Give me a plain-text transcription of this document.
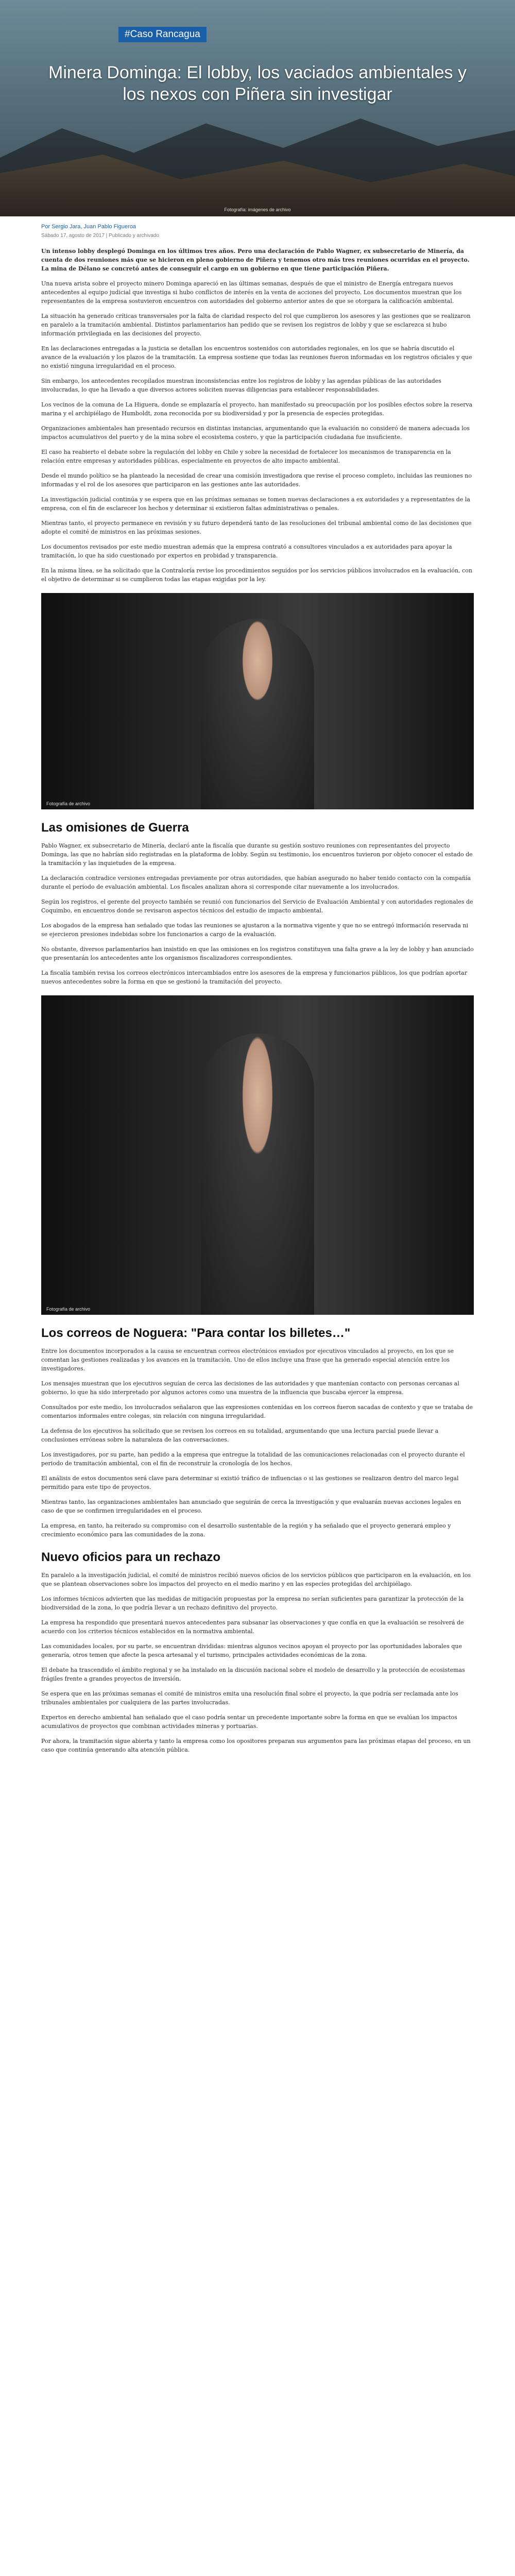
#Caso Rancagua
Minera Dominga: El lobby, los vaciados ambientales y los nexos con Piñera sin investigar
Fotografía: imágenes de archivo
Por Sergio Jara, Juan Pablo Figueroa
Sábado 17, agosto de 2017 | Publicado y archivado

Un intenso lobby desplegó Dominga en los últimos tres años. Pero una declaración de Pablo Wagner, ex subsecretario de Minería, da cuenta de dos reuniones más que se hicieron en pleno gobierno de Piñera y tenemos otro más tres reuniones ocurridas en el proyecto. La mina de Délano se concretó antes de conseguir el cargo en un gobierno en que tiene participación Piñera.

Una nueva arista sobre el proyecto minero Dominga apareció en las últimas semanas, después de que el ministro de Energía entregara nuevos antecedentes al equipo judicial que investiga si hubo conflictos de interés en la venta de acciones del proyecto. Los documentos muestran que los representantes de la empresa sostuvieron encuentros con autoridades del gobierno anterior antes de que se otorgara la calificación ambiental.

La situación ha generado críticas transversales por la falta de claridad respecto del rol que cumplieron los asesores y las gestiones que se realizaron en paralelo a la tramitación ambiental. Distintos parlamentarios han pedido que se revisen los registros de lobby y que se esclarezca si hubo información privilegiada en las decisiones del proyecto.

En las declaraciones entregadas a la justicia se detallan los encuentros sostenidos con autoridades regionales, en los que se habría discutido el avance de la evaluación y los plazos de la tramitación. La empresa sostiene que todas las reuniones fueron informadas en los registros oficiales y que no existió ninguna irregularidad en el proceso.

Sin embargo, los antecedentes recopilados muestran inconsistencias entre los registros de lobby y las agendas públicas de las autoridades involucradas, lo que ha llevado a que diversos actores soliciten nuevas diligencias para establecer responsabilidades.

Los vecinos de la comuna de La Higuera, donde se emplazaría el proyecto, han manifestado su preocupación por los posibles efectos sobre la reserva marina y el archipiélago de Humboldt, zona reconocida por su biodiversidad y por la presencia de especies protegidas.

Organizaciones ambientales han presentado recursos en distintas instancias, argumentando que la evaluación no consideró de manera adecuada los impactos acumulativos del puerto y de la mina sobre el ecosistema costero, y que la participación ciudadana fue insuficiente.

El caso ha reabierto el debate sobre la regulación del lobby en Chile y sobre la necesidad de fortalecer los mecanismos de transparencia en la relación entre empresas y autoridades públicas, especialmente en proyectos de alto impacto ambiental.

Desde el mundo político se ha planteado la necesidad de crear una comisión investigadora que revise el proceso completo, incluidas las reuniones no informadas y el rol de los asesores que participaron en las gestiones ante las autoridades.

La investigación judicial continúa y se espera que en las próximas semanas se tomen nuevas declaraciones a ex autoridades y a representantes de la empresa, con el fin de esclarecer los hechos y determinar si existieron faltas administrativas o penales.

Mientras tanto, el proyecto permanece en revisión y su futuro dependerá tanto de las resoluciones del tribunal ambiental como de las decisiones que adopte el comité de ministros en las próximas sesiones.

Los documentos revisados por este medio muestran además que la empresa contrató a consultores vinculados a ex autoridades para apoyar la tramitación, lo que ha sido cuestionado por expertos en probidad y transparencia.

En la misma línea, se ha solicitado que la Contraloría revise los procedimientos seguidos por los servicios públicos involucrados en la evaluación, con el objetivo de determinar si se cumplieron todas las etapas exigidas por la ley.

Fotografía de archivo
Las omisiones de Guerra

Pablo Wagner, ex subsecretario de Minería, declaró ante la fiscalía que durante su gestión sostuvo reuniones con representantes del proyecto Dominga, las que no habrían sido registradas en la plataforma de lobby. Según su testimonio, los encuentros tuvieron por objeto conocer el estado de la tramitación y las inquietudes de la empresa.

La declaración contradice versiones entregadas previamente por otras autoridades, que habían asegurado no haber tenido contacto con la compañía durante el periodo de evaluación ambiental. Los fiscales analizan ahora si corresponde citar nuevamente a los involucrados.

Según los registros, el gerente del proyecto también se reunió con funcionarios del Servicio de Evaluación Ambiental y con autoridades regionales de Coquimbo, en encuentros donde se revisaron aspectos técnicos del estudio de impacto ambiental.

Los abogados de la empresa han señalado que todas las reuniones se ajustaron a la normativa vigente y que no se entregó información reservada ni se ejercieron presiones indebidas sobre los funcionarios a cargo de la evaluación.

No obstante, diversos parlamentarios han insistido en que las omisiones en los registros constituyen una falta grave a la ley de lobby y han anunciado que presentarán los antecedentes ante los organismos fiscalizadores correspondientes.

La fiscalía también revisa los correos electrónicos intercambiados entre los asesores de la empresa y funcionarios públicos, los que podrían aportar nuevos antecedentes sobre la forma en que se gestionó la tramitación del proyecto.

Fotografía de archivo
Los correos de Noguera: "Para contar los billetes…"

Entre los documentos incorporados a la causa se encuentran correos electrónicos enviados por ejecutivos vinculados al proyecto, en los que se comentan las gestiones realizadas y los avances en la tramitación. Uno de ellos incluye una frase que ha generado especial atención entre los investigadores.

Los mensajes muestran que los ejecutivos seguían de cerca las decisiones de las autoridades y que mantenían contacto con personas cercanas al gobierno, lo que ha sido interpretado por algunos actores como una muestra de la influencia que buscaba ejercer la empresa.

Consultados por este medio, los involucrados señalaron que las expresiones contenidas en los correos fueron sacadas de contexto y que se trataba de comentarios informales entre colegas, sin relación con ninguna irregularidad.

La defensa de los ejecutivos ha solicitado que se revisen los correos en su totalidad, argumentando que una lectura parcial puede llevar a conclusiones erróneas sobre la naturaleza de las conversaciones.

Los investigadores, por su parte, han pedido a la empresa que entregue la totalidad de las comunicaciones relacionadas con el proyecto durante el periodo de tramitación ambiental, con el fin de reconstruir la cronología de los hechos.

El análisis de estos documentos será clave para determinar si existió tráfico de influencias o si las gestiones se realizaron dentro del marco legal permitido para este tipo de proyectos.

Mientras tanto, las organizaciones ambientales han anunciado que seguirán de cerca la investigación y que evaluarán nuevas acciones legales en caso de que se confirmen irregularidades en el proceso.

La empresa, en tanto, ha reiterado su compromiso con el desarrollo sustentable de la región y ha señalado que el proyecto generará empleo y crecimiento económico para las comunidades de la zona.

Nuevo oficios para un rechazo

En paralelo a la investigación judicial, el comité de ministros recibió nuevos oficios de los servicios públicos que participaron en la evaluación, en los que se plantean observaciones sobre los impactos del proyecto en el medio marino y en las especies protegidas del archipiélago.

Los informes técnicos advierten que las medidas de mitigación propuestas por la empresa no serían suficientes para garantizar la protección de la biodiversidad de la zona, lo que podría llevar a un rechazo definitivo del proyecto.

La empresa ha respondido que presentará nuevos antecedentes para subsanar las observaciones y que confía en que la evaluación se resolverá de acuerdo con los criterios técnicos establecidos en la normativa ambiental.

Las comunidades locales, por su parte, se encuentran divididas: mientras algunos vecinos apoyan el proyecto por las oportunidades laborales que generaría, otros temen que afecte la pesca artesanal y el turismo, principales actividades económicas de la zona.

El debate ha trascendido el ámbito regional y se ha instalado en la discusión nacional sobre el modelo de desarrollo y la protección de ecosistemas frágiles frente a grandes proyectos de inversión.

Se espera que en las próximas semanas el comité de ministros emita una resolución final sobre el proyecto, la que podría ser reclamada ante los tribunales ambientales por cualquiera de las partes involucradas.

Expertos en derecho ambiental han señalado que el caso podría sentar un precedente importante sobre la forma en que se evalúan los impactos acumulativos de proyectos que combinan actividades mineras y portuarias.

Por ahora, la tramitación sigue abierta y tanto la empresa como los opositores preparan sus argumentos para las próximas etapas del proceso, en un caso que continúa generando alta atención pública.
